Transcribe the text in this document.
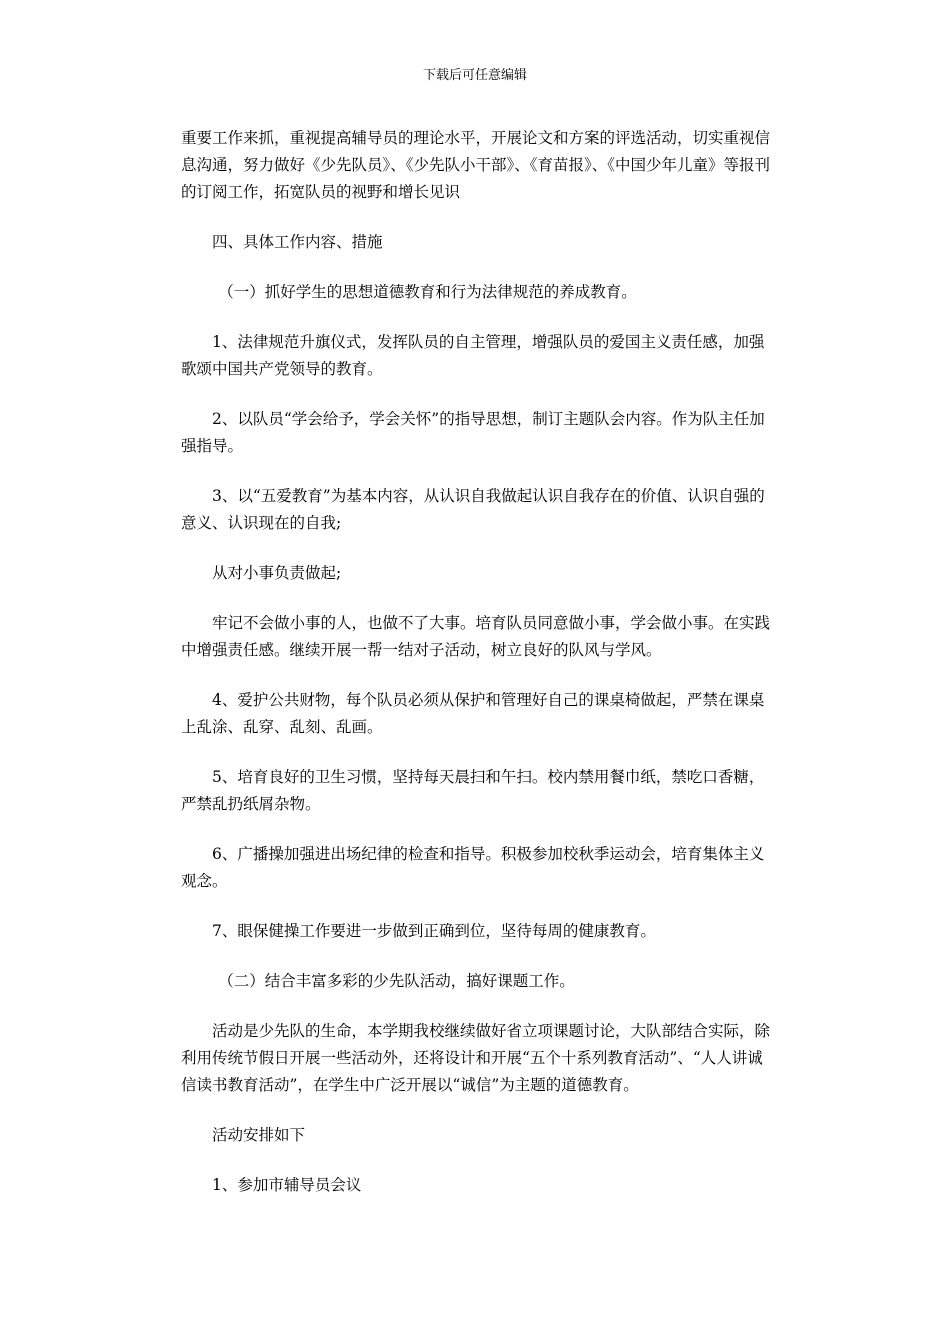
下载后可任意编辑

重要工作来抓，重视提高辅导员的理论水平，开展论文和方案的评选活动，切实重视信息沟通，努力做好《少先队员》、《少先队小干部》、《育苗报》、《中国少年儿童》等报刊的订阅工作，拓宽队员的视野和增长见识

四、具体工作内容、措施

（一）抓好学生的思想道德教育和行为法律规范的养成教育。

1、法律规范升旗仪式，发挥队员的自主管理，增强队员的爱国主义责任感，加强歌颂中国共产党领导的教育。

2、以队员“学会给予，学会关怀”的指导思想，制订主题队会内容。作为队主任加强指导。

3、以“五爱教育”为基本内容，从认识自我做起认识自我存在的价值、认识自强的意义、认识现在的自我;

从对小事负责做起;

牢记不会做小事的人，也做不了大事。培育队员同意做小事，学会做小事。在实践中增强责任感。继续开展一帮一结对子活动，树立良好的队风与学风。

4、爱护公共财物，每个队员必须从保护和管理好自己的课桌椅做起，严禁在课桌上乱涂、乱穿、乱刻、乱画。

5、培育良好的卫生习惯，坚持每天晨扫和午扫。校内禁用餐巾纸，禁吃口香糖，严禁乱扔纸屑杂物。

6、广播操加强进出场纪律的检查和指导。积极参加校秋季运动会，培育集体主义观念。

7、眼保健操工作要进一步做到正确到位，坚待每周的健康教育。

（二）结合丰富多彩的少先队活动，搞好课题工作。

活动是少先队的生命，本学期我校继续做好省立项课题讨论，大队部结合实际，除利用传统节假日开展一些活动外，还将设计和开展“五个十系列教育活动”、“人人讲诚信读书教育活动”，在学生中广泛开展以“诚信”为主题的道德教育。

活动安排如下

1、参加市辅导员会议
